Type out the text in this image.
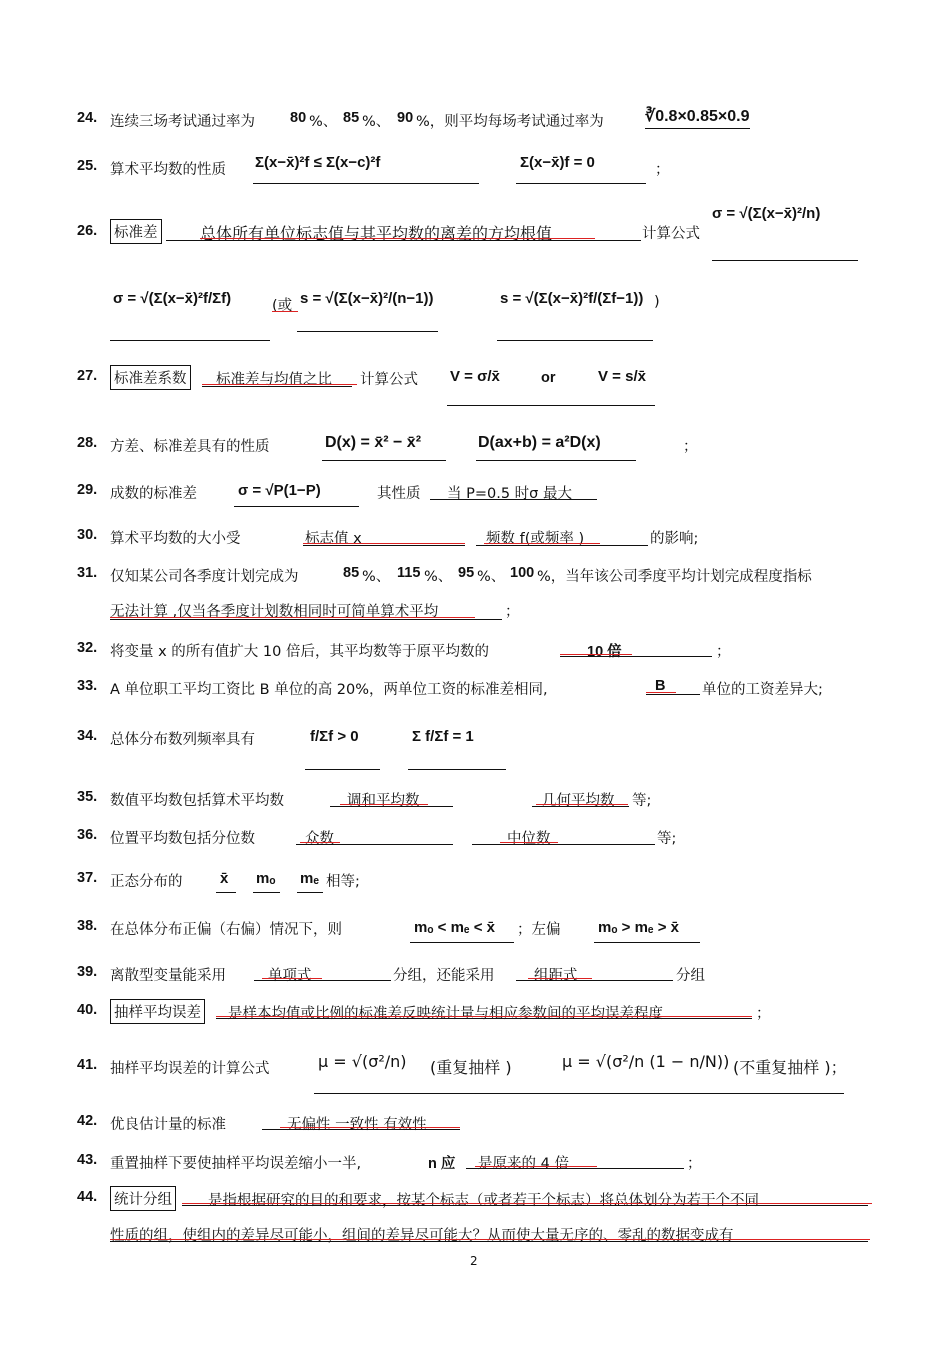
24. 连续三场考试通过率为 80 %、 85 %、 90 %，则平均每场考试通过率为	∛0.8×0.85×0.9
25. 算术平均数的性质 Σ(x−x̄)²f ≤ Σ(x−c)²f	Σ(x−x̄)f = 0	；
26. 标准差	总体所有单位标志值与其平均数的离差的方均根值	计算公式
σ = √(Σ(x−x̄)²/n)
σ = √(Σ(x−x̄)²f/Σf)	(或 s = √(Σ(x−x̄)²/(n−1))	s = √(Σ(x−x̄)²f/(Σf−1)) )
27. 标准差系数 标准差与均值之比 计算公式 V = σ/x̄	or	V = s/x̄
28. 方差、标准差具有的性质	D(x) = x̄² − x̄²	D(ax+b) = a²D(x)	；
29. 成数的标准差	σ = √P(1−P)	其性质 当 P=0.5 时σ 最大
30. 算术平均数的大小受	标志值 x	频数 f(或频率 )	的影响;
31. 仅知某公司各季度计划完成为	85 %、 115 %、 95 %、 100 %，当年该公司季度平均计划完成程度指标
无法计算 ,仅当各季度计划数相同时可简单算术平均	；
32. 将变量 x 的所有值扩大 10 倍后，其平均数等于原平均数的	10 倍	；
33. A 单位职工平均工资比 B 单位的高 20%，两单位工资的标准差相同,	B	单位的工资差异大;
34. 总体分布数列频率具有	f/Σf > 0	Σ f/Σf = 1
35. 数值平均数包括算术平均数	调和平均数	几何平均数 等;
36. 位置平均数包括分位数	众数	中位数	等;
37. 正态分布的	x̄ mₒ mₑ 相等;
38. 在总体分布正偏（右偏）情况下，则	mₒ < mₑ < x̄ ；左偏	mₒ > mₑ > x̄
39. 离散型变量能采用	单项式	分组，还能采用	组距式	分组
40. 抽样平均误差 是样本均值或比例的标准差反映统计量与相应参数间的平均误差程度	；
41. 抽样平均误差的计算公式	μ = √(σ²/n) (重复抽样 )	μ = √(σ²/n (1 − n/N)) (不重复抽样 )；
42. 优良估计量的标准	无偏性 一致性 有效性
43. 重置抽样下要使抽样平均误差缩小一半,	n 应 是原来的 4 倍	；
44. 统计分组 是指根据研究的目的和要求，按某个标志（或者若干个标志）将总体划分为若干个不同
性质的组，使组内的差异尽可能小，组间的差异尽可能大？从而使大量无序的、零乱的数据变成有
2
